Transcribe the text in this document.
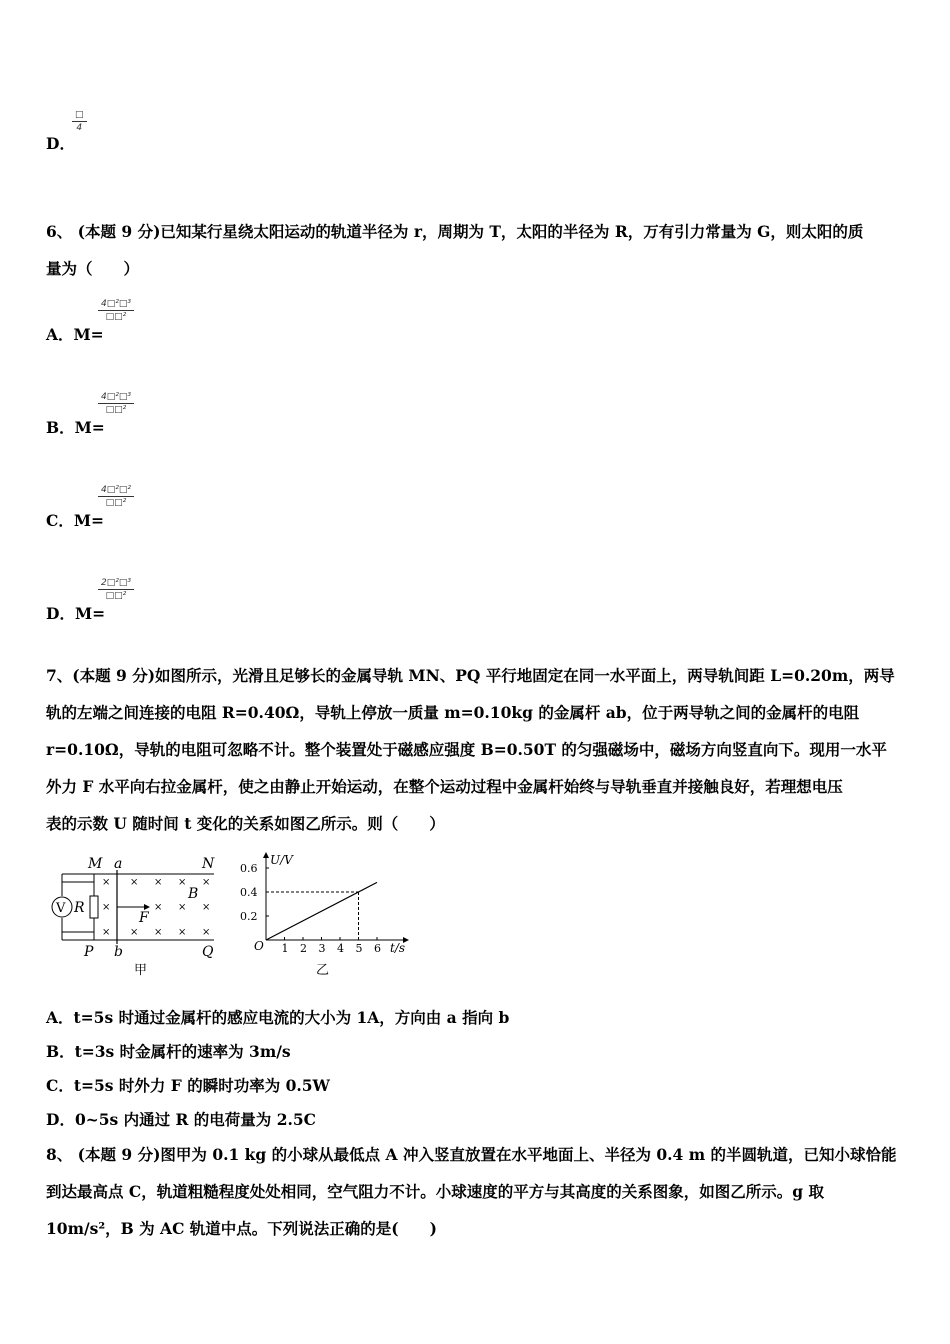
D．
□
4
6、 (本题 9 分)已知某行星绕太阳运动的轨道半径为 r，周期为 T，太阳的半径为 R，万有引力常量为 G，则太阳的质
量为（　　）
A．M=
4□²□³
□□²
B．M=
4□²□³
□□²
C．M=
4□²□²
□□²
D．M=
2□²□³
□□²
7、(本题 9 分)如图所示，光滑且足够长的金属导轨 MN、PQ 平行地固定在同一水平面上，两导轨间距 L=0.20m，两导
轨的左端之间连接的电阻 R=0.40Ω，导轨上停放一质量 m=0.10kg 的金属杆 ab，位于两导轨之间的金属杆的电阻
r=0.10Ω，导轨的电阻可忽略不计。整个装置处于磁感应强度 B=0.50T 的匀强磁场中，磁场方向竖直向下。现用一水平
外力 F 水平向右拉金属杆，使之由静止开始运动，在整个运动过程中金属杆始终与导轨垂直并接触良好，若理想电压
表的示数 U 随时间 t 变化的关系如图乙所示。则（　　）
V R
F
×
×
×
× × × ×
× × × ×
× × ×
B
M a	N
P b	Q
甲
U/V
t/s
O
0.6
0.4
0.2
1 2 3 4 5 6
乙
A．t=5s 时通过金属杆的感应电流的大小为 1A，方向由 a 指向 b
B．t=3s 时金属杆的速率为 3m/s
C．t=5s 时外力 F 的瞬时功率为 0.5W
D．0~5s 内通过 R 的电荷量为 2.5C
8、 (本题 9 分)图甲为 0.1 kg 的小球从最低点 A 冲入竖直放置在水平地面上、半径为 0.4 m 的半圆轨道，已知小球恰能
到达最高点 C，轨道粗糙程度处处相同，空气阻力不计。小球速度的平方与其高度的关系图象，如图乙所示。g 取
10m/s²，B 为 AC 轨道中点。下列说法正确的是(　　)
